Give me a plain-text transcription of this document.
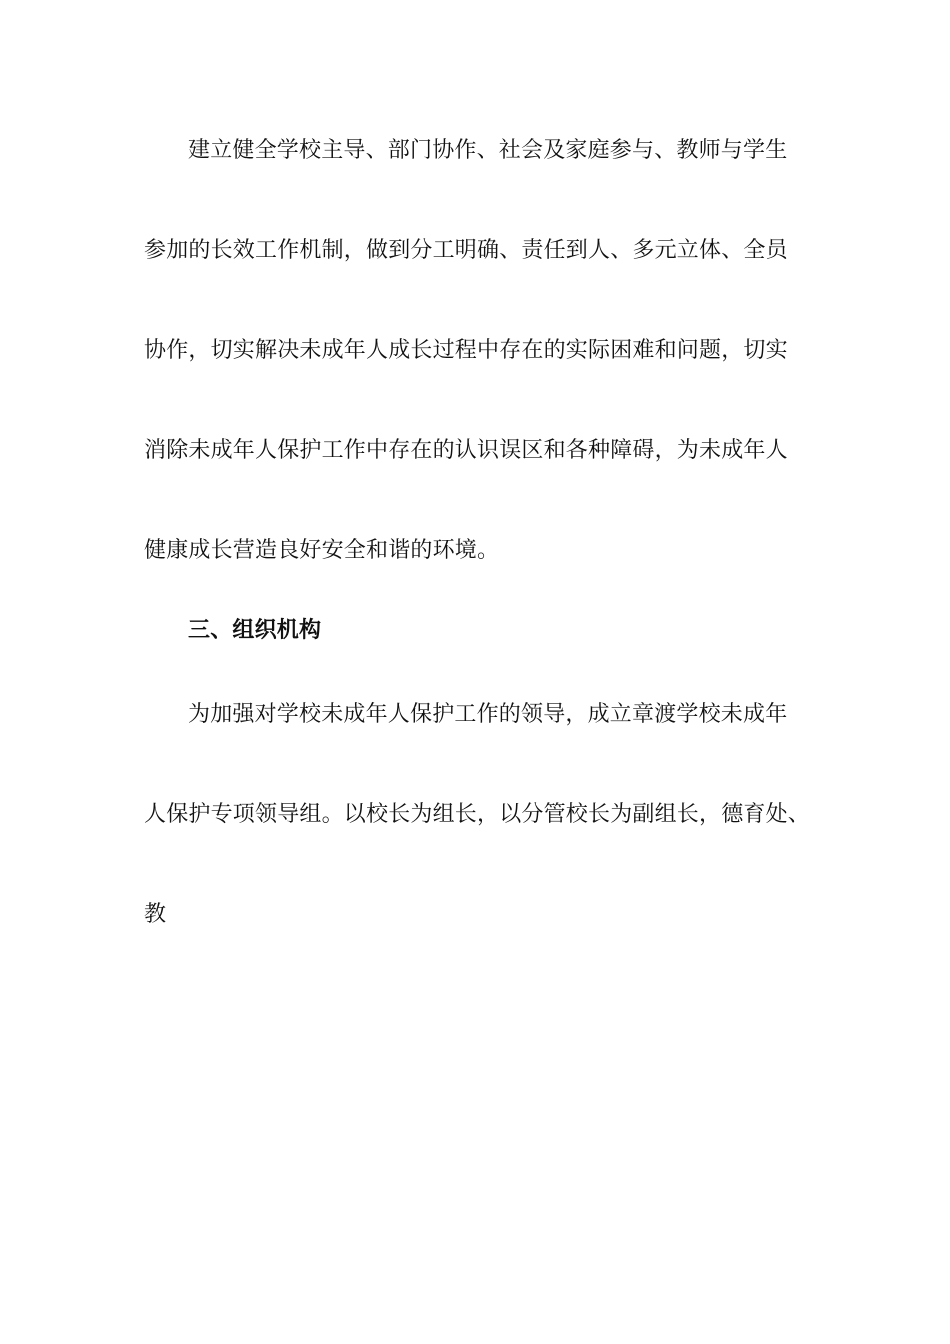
建立健全学校主导、部门协作、社会及家庭参与、教师与学生
参加的长效工作机制，做到分工明确、责任到人、多元立体、全员
协作，切实解决未成年人成长过程中存在的实际困难和问题，切实
消除未成年人保护工作中存在的认识误区和各种障碍，为未成年人
健康成长营造良好安全和谐的环境。
三、组织机构
为加强对学校未成年人保护工作的领导，成立章渡学校未成年
人保护专项领导组。以校长为组长，以分管校长为副组长，德育处、
教
